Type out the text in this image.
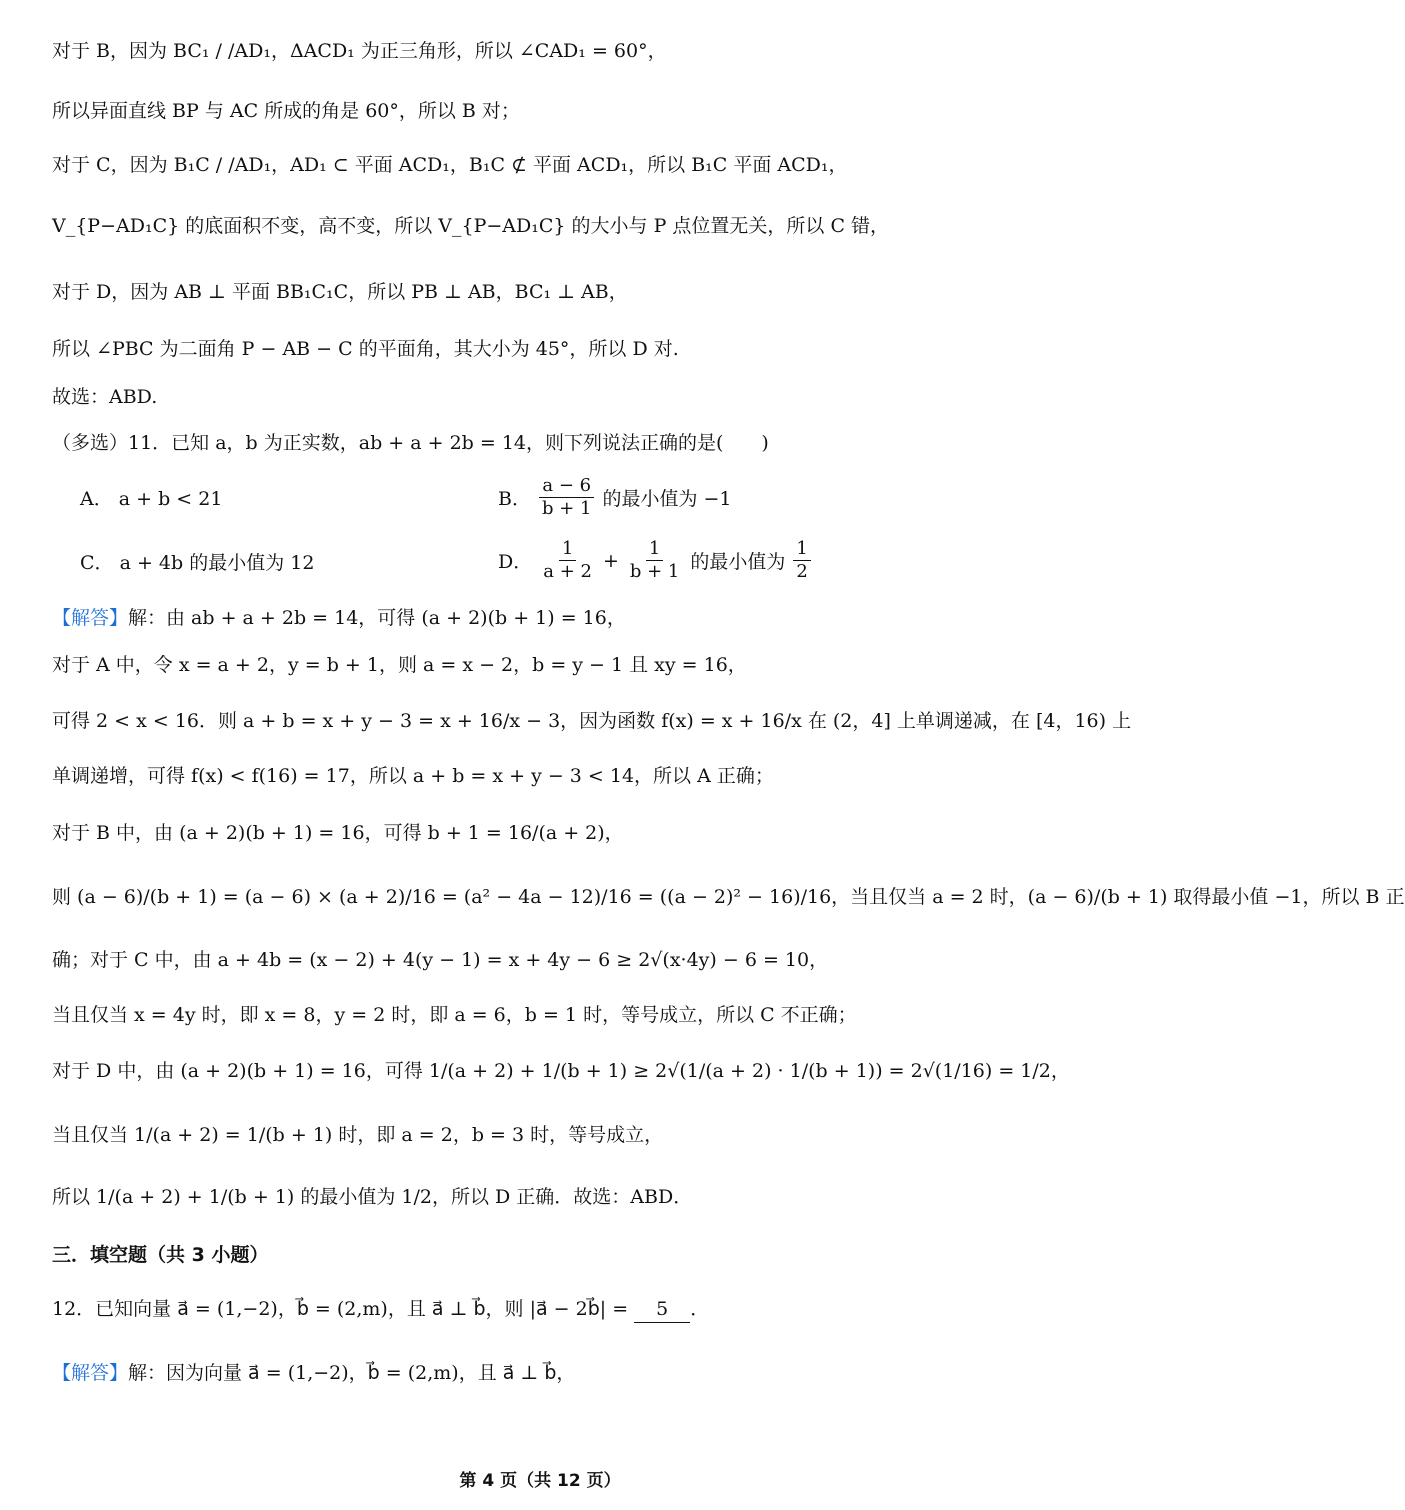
对于 B，因为 BC₁ / /AD₁，ΔACD₁ 为正三角形，所以 ∠CAD₁ = 60°，
所以异面直线 BP 与 AC 所成的角是 60°，所以 B 对；
对于 C，因为 B₁C / /AD₁，AD₁ ⊂ 平面 ACD₁，B₁C ⊄ 平面 ACD₁，所以 B₁C 平面 ACD₁，
V_{P−AD₁C} 的底面积不变，高不变，所以 V_{P−AD₁C} 的大小与 P 点位置无关，所以 C 错，
对于 D，因为 AB ⊥ 平面 BB₁C₁C，所以 PB ⊥ AB，BC₁ ⊥ AB，
所以 ∠PBC 为二面角 P − AB − C 的平面角，其大小为 45°，所以 D 对.
故选：ABD.
（多选）11．已知 a，b 为正实数，ab + a + 2b = 14，则下列说法正确的是(　　)
A． a + b < 21	B． $\frac{a - 6}{b + 1}$ 的最小值为 −1
C． a + 4b 的最小值为 12	D． $\frac{1}{a + 2} + \frac{1}{b + 1}$ 的最小值为 $\frac{1}{2}$
【解答】解：由 ab + a + 2b = 14，可得 (a + 2)(b + 1) = 16，
对于 A 中，令 x = a + 2，y = b + 1，则 a = x − 2，b = y − 1 且 xy = 16，
可得 2 < x < 16．则 a + b = x + y − 3 = x + 16/x − 3，因为函数 f(x) = x + 16/x 在 (2，4] 上单调递减，在 [4，16) 上
单调递增，可得 f(x) < f(16) = 17，所以 a + b = x + y − 3 < 14，所以 A 正确；
对于 B 中，由 (a + 2)(b + 1) = 16，可得 b + 1 = 16/(a + 2)，
则 (a − 6)/(b + 1) = (a − 6) × (a + 2)/16 = (a² − 4a − 12)/16 = ((a − 2)² − 16)/16，当且仅当 a = 2 时，(a − 6)/(b + 1) 取得最小值 −1，所以 B 正
确；对于 C 中，由 a + 4b = (x − 2) + 4(y − 1) = x + 4y − 6 ≥ 2√(x·4y) − 6 = 10，
当且仅当 x = 4y 时，即 x = 8，y = 2 时，即 a = 6，b = 1 时，等号成立，所以 C 不正确；
对于 D 中，由 (a + 2)(b + 1) = 16，可得 1/(a + 2) + 1/(b + 1) ≥ 2√(1/(a + 2) · 1/(b + 1)) = 2√(1/16) = 1/2，
当且仅当 1/(a + 2) = 1/(b + 1) 时，即 a = 2，b = 3 时，等号成立，
所以 1/(a + 2) + 1/(b + 1) 的最小值为 1/2，所以 D 正确．故选：ABD．
三．填空题（共 3 小题）
12．已知向量 a⃗ = (1,−2)，b⃗ = (2,m)，且 a⃗ ⊥ b⃗，则 |a⃗ − 2b⃗| = 5 ．
【解答】解：因为向量 a⃗ = (1,−2)，b⃗ = (2,m)，且 a⃗ ⊥ b⃗，
第 4 页（共 12 页）
